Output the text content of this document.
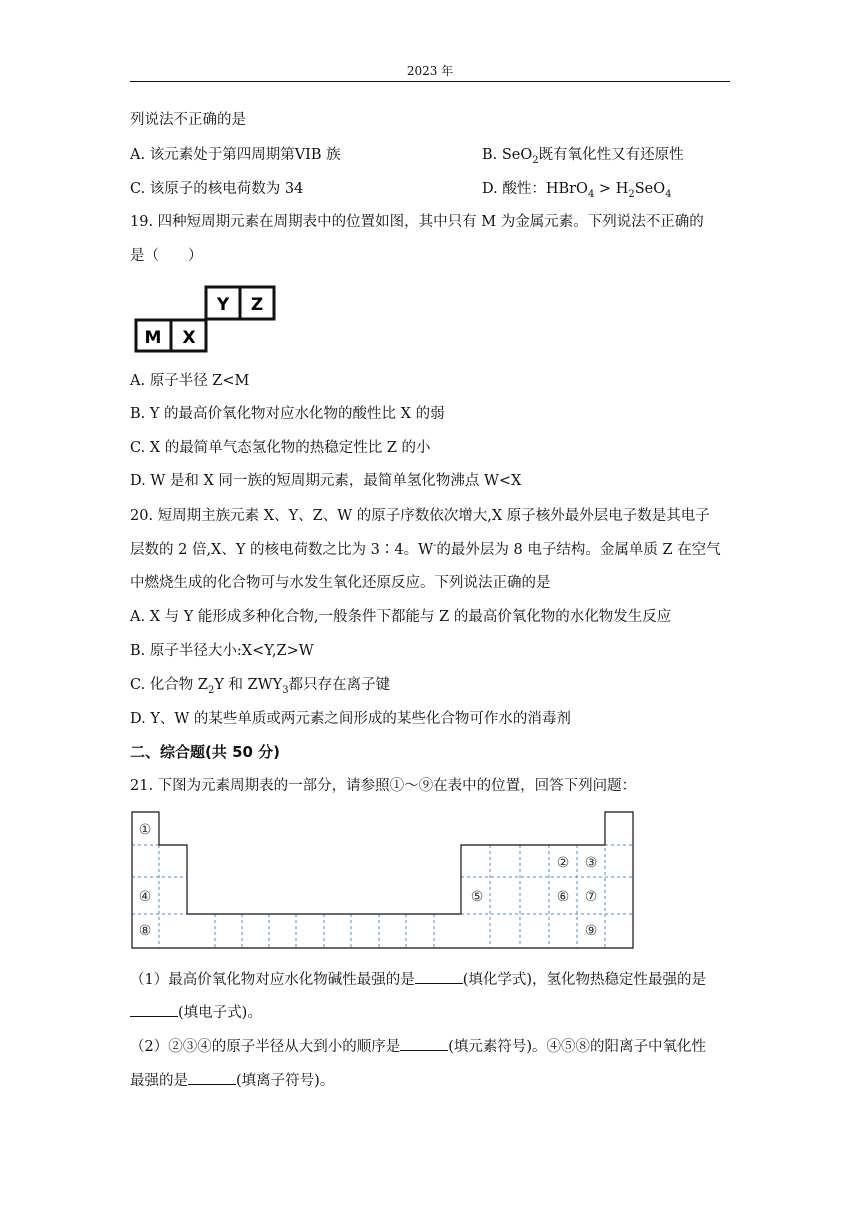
2023 年
列说法不正确的是
A. 该元素处于第四周期第VIB 族	B. SeO$_2$既有氧化性又有还原性
C. 该原子的核电荷数为 34	D. 酸性：HBrO$_4$ > $H_2SeO_4$
19. 四种短周期元素在周期表中的位置如图，其中只有 M 为金属元素。下列说法不正确的
是（　　）
M X
Y Z
A. 原子半径 Z<M
B. Y 的最高价氧化物对应水化物的酸性比 X 的弱
C. X 的最简单气态氢化物的热稳定性比 Z 的小
D. W 是和 X 同一族的短周期元素，最简单氢化物沸点 W<X
20. 短周期主族元素 X、Y、Z、W 的原子序数依次增大,X 原子核外最外层电子数是其电子
层数的 2 倍,X、Y 的核电荷数之比为 3∶4。W-的最外层为 8 电子结构。金属单质 Z 在空气
中燃烧生成的化合物可与水发生氧化还原反应。下列说法正确的是
A. X 与 Y 能形成多种化合物,一般条件下都能与 Z 的最高价氧化物的水化物发生反应
B. 原子半径大小:X<Y,Z>W
C. 化合物 $Z_2Y$ 和 $ZWY_3$都只存在离子键
D. Y、W 的某些单质或两元素之间形成的某些化合物可作水的消毒剂
二、综合题(共 50 分)
21. 下图为元素周期表的一部分，请参照①～⑨在表中的位置，回答下列问题：
①
② ③
④	⑤	⑥ ⑦
⑧	⑨
（1）最高价氧化物对应水化物碱性最强的是	(填化学式)，氢化物热稳定性最强的是
(填电子式)。
（2）②③④的原子半径从大到小的顺序是	(填元素符号)。④⑤⑧的阳离子中氧化性
最强的是	(填离子符号)。
